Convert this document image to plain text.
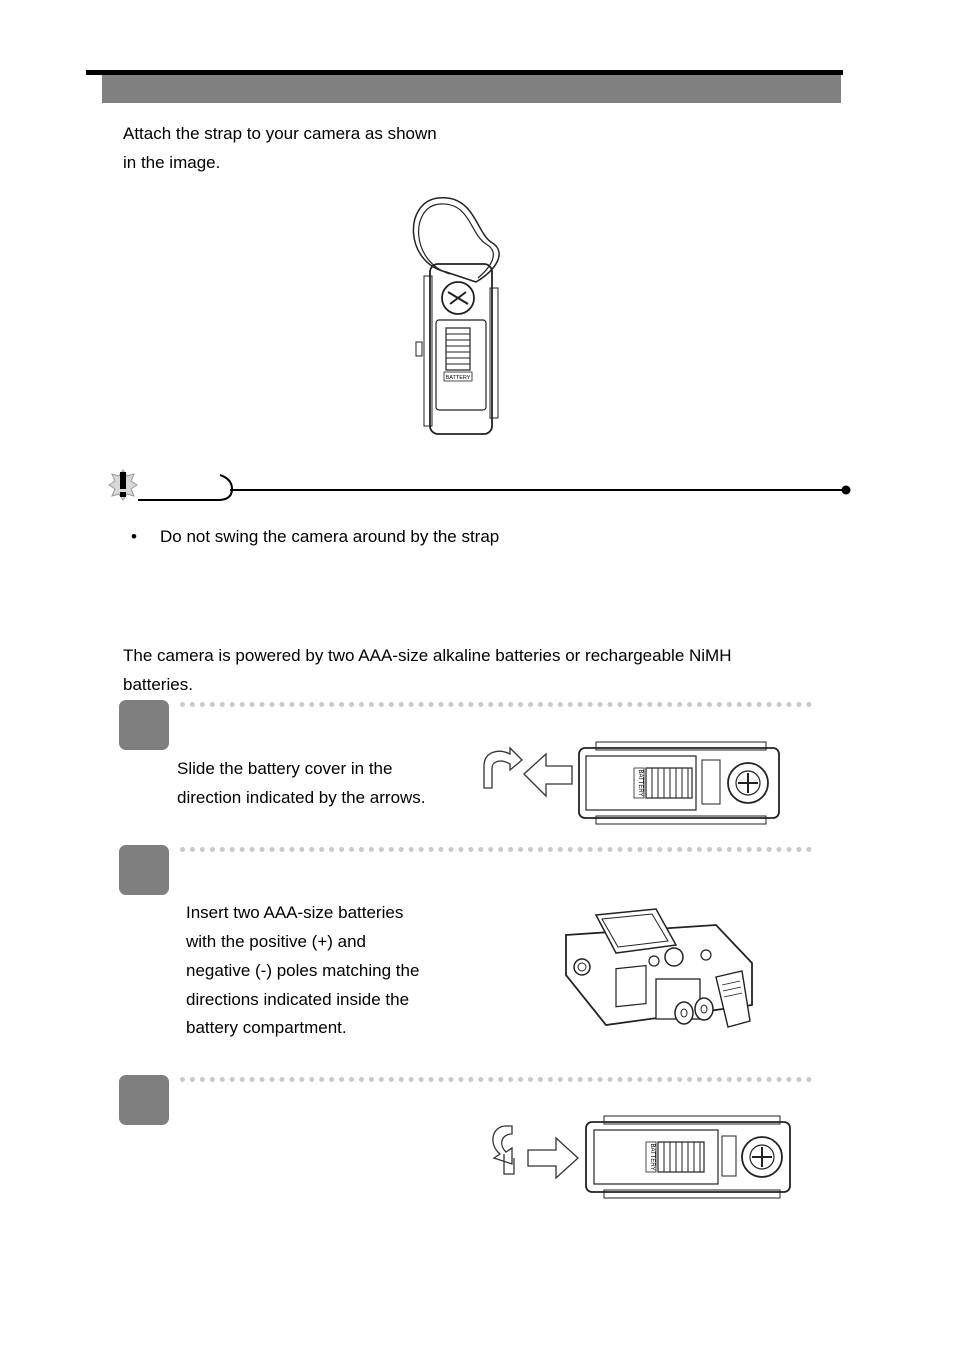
Attach the strap to your camera as shown
in the image.
BATTERY
• Do not swing the camera around by the strap
The camera is powered by two AAA-size alkaline batteries or rechargeable NiMH
batteries.
Slide the battery cover in the
direction indicated by the arrows.
BATTERY
Insert two AAA-size batteries
with the positive (+) and
negative (-) poles matching the
directions indicated inside the
battery compartment.
BATTERY
